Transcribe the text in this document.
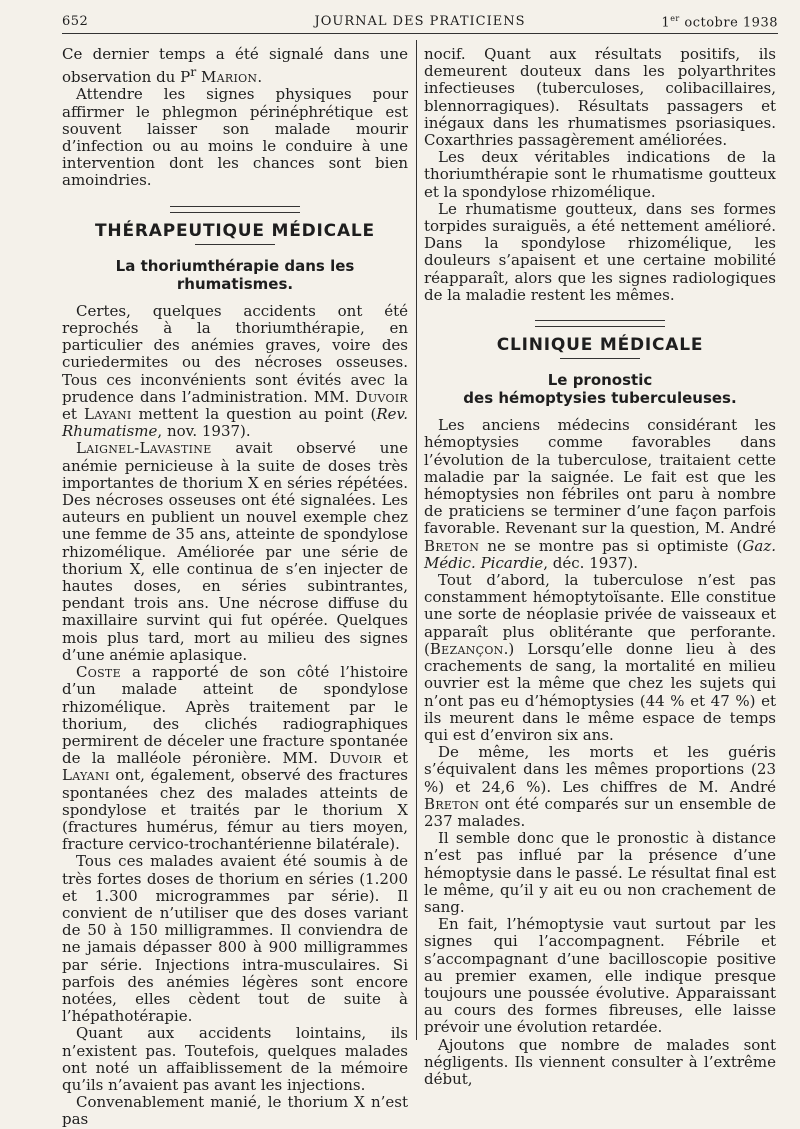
652	JOURNAL DES PRATICIENS	1er octobre 1938

Ce dernier temps a été signalé dans une observation du $P^r$ Marion.

Attendre les signes physiques pour affirmer le phlegmon périnéphrétique est souvent laisser son malade mourir d’infection ou au moins le conduire à une intervention dont les chances sont bien amoindries.

THÉRAPEUTIQUE MÉDICALE
La thoriumthérapie dans les rhumatismes.

Certes, quelques accidents ont été reprochés à la thoriumthérapie, en particulier des anémies graves, voire des curiedermites ou des nécroses osseuses. Tous ces inconvénients sont évités avec la prudence dans l’administration. MM. Duvoir et Layani mettent la question au point (Rev. Rhumatisme, nov. 1937).

Laignel-Lavastine avait observé une anémie pernicieuse à la suite de doses très importantes de thorium X en séries répétées. Des nécroses osseuses ont été signalées. Les auteurs en publient un nouvel exemple chez une femme de 35 ans, atteinte de spondylose rhizomélique. Améliorée par une série de thorium X, elle continua de s’en injecter de hautes doses, en séries subintrantes, pendant trois ans. Une nécrose diffuse du maxillaire survint qui fut opérée. Quelques mois plus tard, mort au milieu des signes d’une anémie aplasique.

Coste a rapporté de son côté l’histoire d’un malade atteint de spondylose rhizomélique. Après traitement par le thorium, des clichés radiographiques permirent de déceler une fracture spontanée de la malléole péronière. MM. Duvoir et Layani ont, également, observé des fractures spontanées chez des malades atteints de spondylose et traités par le thorium X (fractures humérus, fémur au tiers moyen, fracture cervico-trochantérienne bilatérale).

Tous ces malades avaient été soumis à de très fortes doses de thorium en séries (1.200 et 1.300 microgrammes par série). Il convient de n’utiliser que des doses variant de 50 à 150 milligrammes. Il conviendra de ne jamais dépasser 800 à 900 milligrammes par série. Injections intra-musculaires. Si parfois des anémies légères sont encore notées, elles cèdent tout de suite à l’hépathotérapie.

Quant aux accidents lointains, ils n’existent pas. Toutefois, quelques malades ont noté un affaiblissement de la mémoire qu’ils n’avaient pas avant les injections.

Convenablement manié, le thorium X n’est pas

nocif. Quant aux résultats positifs, ils demeurent douteux dans les polyarthrites infectieuses (tuberculoses, colibacillaires, blennorragiques). Résultats passagers et inégaux dans les rhumatismes psoriasiques. Coxarthries passagèrement améliorées.

Les deux véritables indications de la thoriumthérapie sont le rhumatisme goutteux et la spondylose rhizomélique.

Le rhumatisme goutteux, dans ses formes torpides suraiguës, a été nettement amélioré. Dans la spondylose rhizomélique, les douleurs s’apaisent et une certaine mobilité réapparaît, alors que les signes radiologiques de la maladie restent les mêmes.

CLINIQUE MÉDICALE
Le pronostic
des hémoptysies tuberculeuses.

Les anciens médecins considérant les hémoptysies comme favorables dans l’évolution de la tuberculose, traitaient cette maladie par la saignée. Le fait est que les hémoptysies non fébriles ont paru à nombre de praticiens se terminer d’une façon parfois favorable. Revenant sur la question, M. André Breton ne se montre pas si optimiste (Gaz. Médic. Picardie, déc. 1937).

Tout d’abord, la tuberculose n’est pas constamment hémoptytoïsante. Elle constitue une sorte de néoplasie privée de vaisseaux et apparaît plus oblitérante que perforante. (Bezançon.) Lorsqu’elle donne lieu à des crachements de sang, la mortalité en milieu ouvrier est la même que chez les sujets qui n’ont pas eu d’hémoptysies (44 % et 47 %) et ils meurent dans le même espace de temps qui est d’environ six ans.

De même, les morts et les guéris s’équivalent dans les mêmes proportions (23 %) et 24,6 %). Les chiffres de M. André Breton ont été comparés sur un ensemble de 237 malades.

Il semble donc que le pronostic à distance n’est pas influé par la présence d’une hémoptysie dans le passé. Le résultat final est le même, qu’il y ait eu ou non crachement de sang.

En fait, l’hémoptysie vaut surtout par les signes qui l’accompagnent. Fébrile et s’accompagnant d’une bacilloscopie positive au premier examen, elle indique presque toujours une poussée évolutive. Apparaissant au cours des formes fibreuses, elle laisse prévoir une évolution retardée.

Ajoutons que nombre de malades sont négligents. Ils viennent consulter à l’extrême début,
